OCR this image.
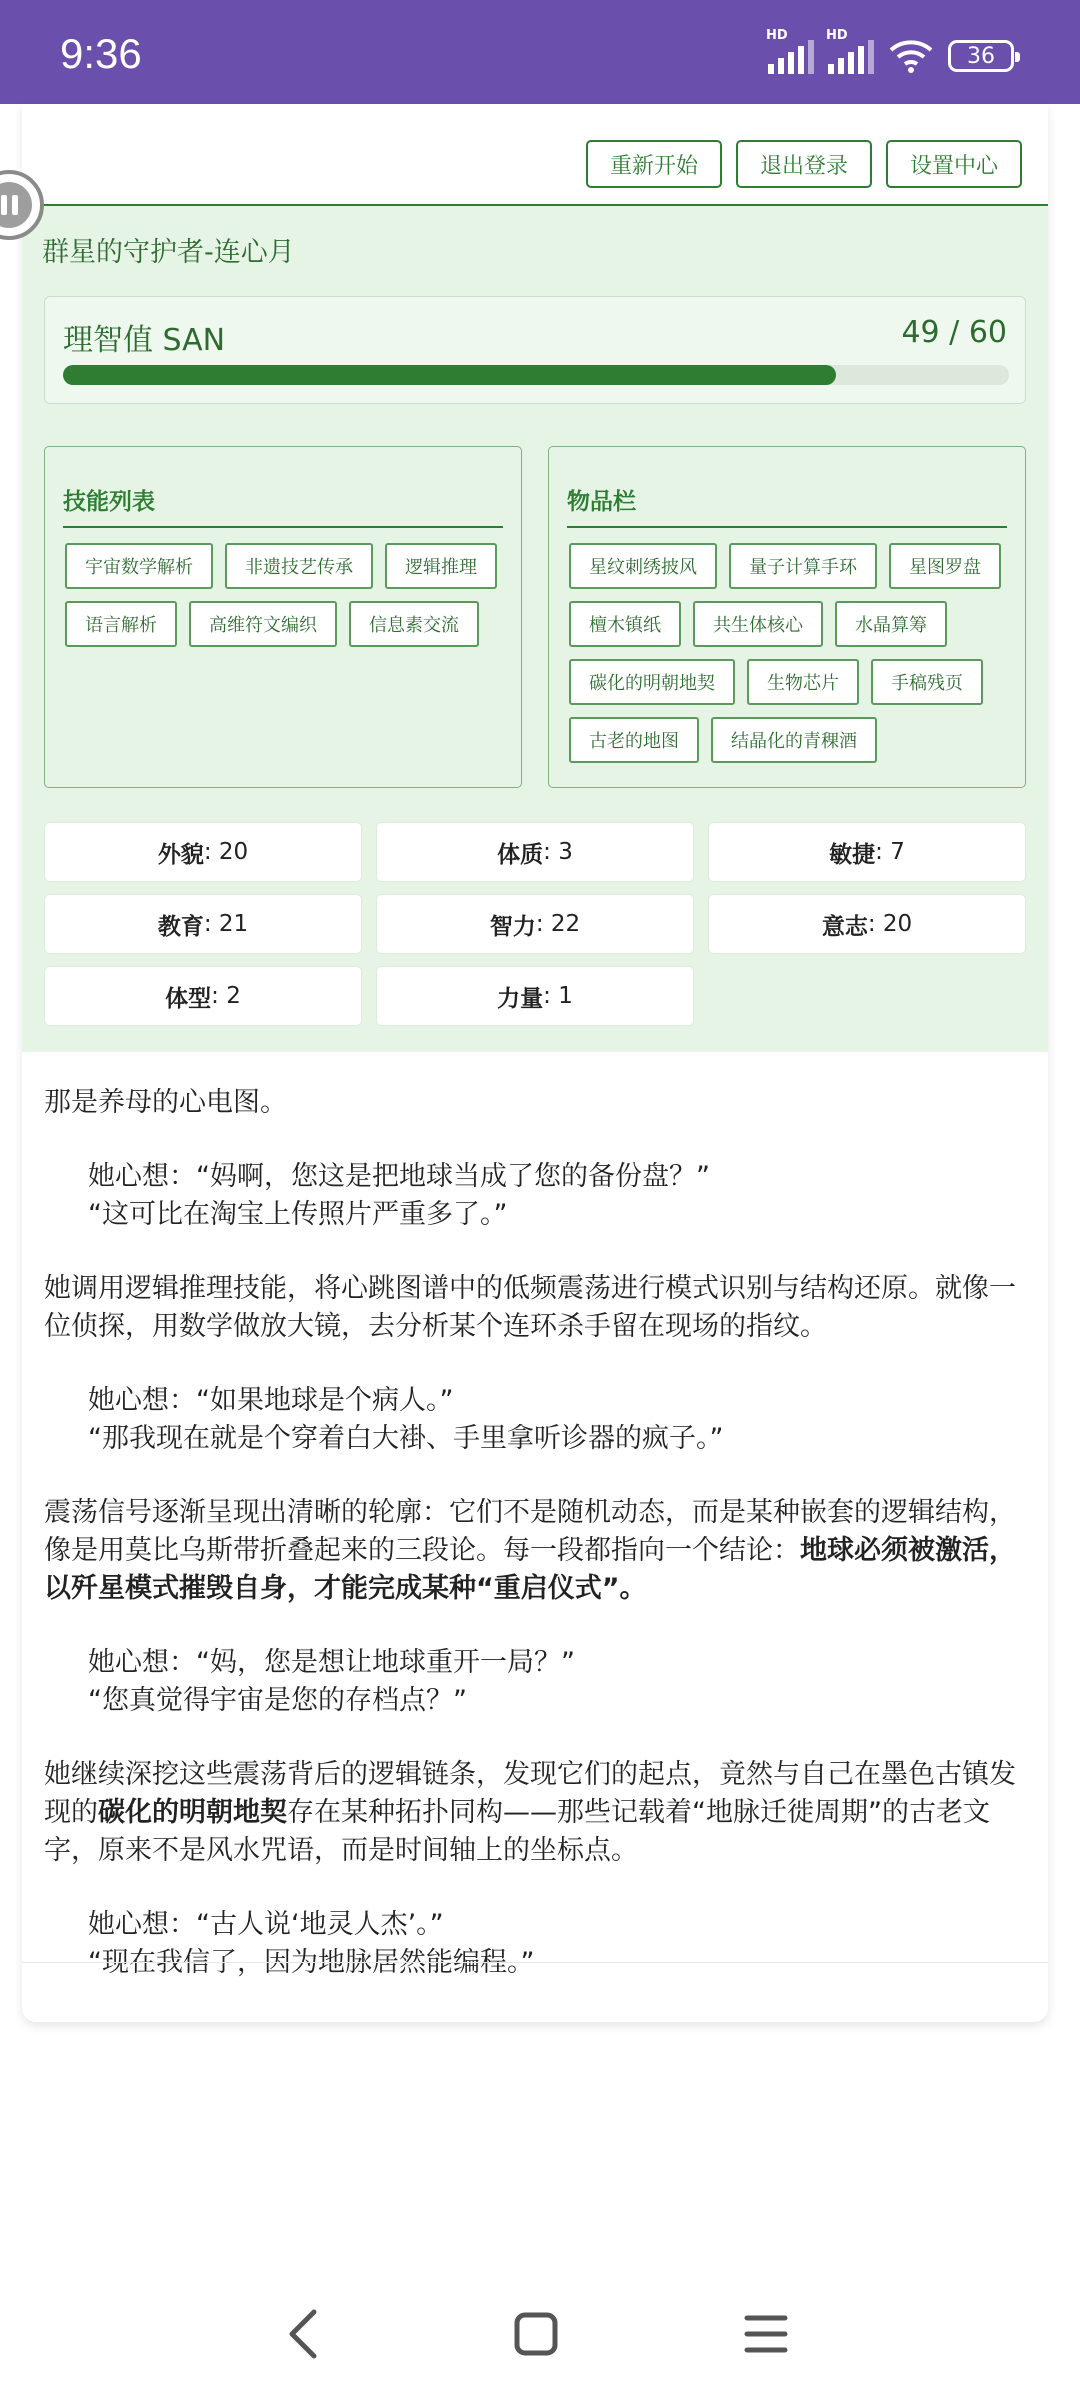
9:36	HD	HD
36
重新开始	退出登录	设置中心
群星的守护者-连心月
理智值 SAN	49 / 60
技能列表
宇宙数学解析	非遗技艺传承	逻辑推理
语言解析	高维符文编织	信息素交流
物品栏
星纹刺绣披风	量子计算手环	星图罗盘
檀木镇纸	共生体核心	水晶算筹
碳化的明朝地契	生物芯片	手稿残页
古老的地图	结晶化的青稞酒
外貌 : 20	体质 : 3	敏捷 : 7
教育 : 21	智力 : 22	意志 : 20
体型 : 2	力量 : 1

那是养母的心电图。

她心想：“妈啊，您这是把地球当成了您的备份盘？”

“这可比在淘宝上传照片严重多了。”

她调用逻辑推理技能，将心跳图谱中的低频震荡进行模式识别与结构还原。就像一位侦探，用数学做放大镜，去分析某个连环杀手留在现场的指纹。

她心想：“如果地球是个病人。”

“那我现在就是个穿着白大褂、手里拿听诊器的疯子。”

震荡信号逐渐呈现出清晰的轮廓：它们不是随机动态，而是某种嵌套的逻辑结构，像是用莫比乌斯带折叠起来的三段论。每一段都指向一个结论：地球必须被激活，以歼星模式摧毁自身，才能完成某种“重启仪式”。

她心想：“妈，您是想让地球重开一局？”

“您真觉得宇宙是您的存档点？”

她继续深挖这些震荡背后的逻辑链条，发现它们的起点，竟然与自己在墨色古镇发现的碳化的明朝地契存在某种拓扑同构——那些记载着“地脉迁徙周期”的古老文字，原来不是风水咒语，而是时间轴上的坐标点。

她心想：“古人说‘地灵人杰’。”

“现在我信了，因为地脉居然能编程。”
